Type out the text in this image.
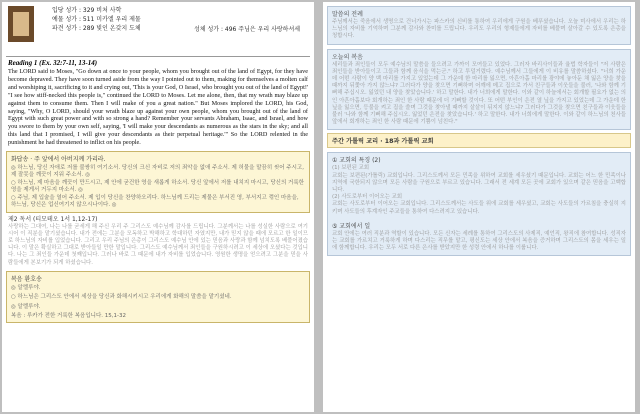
입당 성가 : 329 비처 사학
예물 성가 : 511 미카엘 우리 제물
파견 성가 : 289 빛인 온갖지 도체	성체 성가 : 496 주님은 우리 사랑하셔세
Reading 1 (Ex. 32:7-11, 13-14)

The LORD said to Moses, "Go down at once to your people, whom you brought out of the land of Egypt, for they have become depraved. They have soon turned aside from the way I pointed out to them, making for themselves a molten calf and worshiping it, sacrificing to it and crying out, 'This is your God, O Israel, who brought you out of the land of Egypt!' "I see how stiff-necked this people is," continued the LORD to Moses. Let me alone, then, that my wrath may blaze up against them to consume them. Then I will make of you a great nation." But Moses implored the LORD, his God, saying, "Why, O LORD, should your wrath blaze up against your own people, whom you brought out of the land of Egypt with such great power and with so strong a hand? Remember your servants Abraham, Isaac, and Israel, and how you swore to them by your own self, saying, 'I will make your descendants as numerous as the stars in the sky; and all this land that I promised, I will give your descendants as their perpetual heritage.'" So the LORD relented in the punishment he had threatened to inflict on his people.

화답송 · 주 앞에서 아버지께 가리라.
◎ 하느님, 당신 자애로 저를 불쌍히 여기소서. 당신의 크신 자비로 저의 죄악을 없애 주소서. 제 허물을 말끔히 씻어 주시고, 제 잘못을 깨끗이 지워 주소서. ◎
○ 하느님, 제 마음을 깨끗이 만드시고, 제 안에 굳건한 영을 새롭게 하소서. 당신 앞에서 저를 내치지 마시고, 당신의 거룩한 영을 제게서 거두지 마소서. ◎
○ 주님, 제 입술을 열어 주소서. 제 입이 당신을 찬양하오리다. 하느님께 드리는 제물은 부서진 영, 부서지고 꺾인 마음을, 하느님, 당신은 업신여기지 않으시나이다. ◎
제2 독서 (티모테오 1서 1,12-17)
사랑하는 그대여, 나는 나를 굳세게 해 주신 우리 주 그리스도 예수님께 감사를 드립니다. 그분께서는 나를 성실한 사람으로 여기시어 이 직분을 맡기셨습니다. 내가 전에는 그분을 모독하고 박해하고 학대하던 자였지만, 내가 믿지 않을 때에 모르고 한 일이므로 하느님의 자비를 입었습니다. 그리고 우리 주님의 은총이 그리스도 예수님 안에 있는 믿음과 사랑과 함께 넘치도록 베풀어졌습니다. 이 말은 확실하고 그대로 받아들일 만한 말입니다. 그리스도 예수님께서 죄인들을 구원하시려고 이 세상에 오셨다는 것입니다. 나는 그 죄인들 가운데 첫째입니다. 그러나 바로 그 때문에 내가 자비를 입었습니다. 영원한 생명을 얻으려고 그분을 믿을 사람들에게 본보기가 되게 하셨습니다.
복음 환호송
◎ 알렐루야.
○ 하느님은 그리스도 안에서 세상을 당신과 화해시키시고 우리에게 화해의 말씀을 맡기셨네.
◎ 알렐루야.
복음 : 루카가 전한 거룩한 복음입니다. 15,1-32
말씀의 전례
주님께서는 죽음에서 생명으로 건너가시는 파스카의 신비를 통하여 우리에게 구원을 베푸셨습니다. 오늘 미사에서 우리는 하느님의 자비를 기억하며 그분께 감사와 찬미를 드립니다. 우리도 우리의 형제들에게 자비를 베풀며 살아갈 수 있도록 은총을 청합시다.
오늘의 복음
세리들과 죄인들이 모두 예수님의 말씀을 들으려고 가까이 모여들고 있었다. 그러자 바리사이들과 율법 학자들이 "저 사람은 죄인들을 받아들이고 그들과 함께 음식을 먹는군." 하고 투덜거렸다. 예수님께서 그들에게 이 비유를 말씀하셨다. "너희 가운데 어떤 사람이 양 백 마리를 가지고 있었는데 그 가운데 한 마리를 잃으면, 아흔아홉 마리를 광야에 놓아둔 채 잃은 양을 찾을 때까지 뒤쫓아 가지 않느냐? 그러다가 양을 찾으면 기뻐하며 어깨에 메고 집으로 가서 친구들과 이웃들을 불러, '나와 함께 기뻐해 주십시오. 잃었던 내 양을 찾았습니다.' 하고 말한다. 내가 너희에게 말한다. 이와 같이 하늘에서는 회개할 필요가 없는 의인 아흔아홉보다 회개하는 죄인 한 사람 때문에 더 기뻐할 것이다. 또 어떤 부인이 은전 열 닢을 가지고 있었는데 그 가운데 한 닢을 잃으면, 등불을 켜고 집을 쓸며 그것을 찾아낼 때까지 샅샅이 뒤지지 않느냐? 그러다가 그것을 찾으면 친구들과 이웃들을 불러 '나와 함께 기뻐해 주십시오. 잃었던 은전을 찾았습니다.' 하고 말한다. 내가 너희에게 말한다. 이와 같이 하느님의 천사들 앞에서 회개하는 죄인 한 사람 때문에 기쁨이 넘친다."
주간 가톨릭 교리 · 18과 가톨릭 교회
① 교회의 특징 (2)
(1) 보편된 교회
교회는 보편된(가톨릭) 교회입니다. 그리스도께서 모든 민족을 위하여 교회를 세우셨기 때문입니다. 교회는 어느 한 민족이나 지역에 국한되지 않으며 모든 사람을 구원으로 부르고 있습니다. 그래서 전 세계 모든 곳에 교회가 있으며 같은 믿음을 고백합니다.
(2) 사도로부터 이어오는 교회
교회는 사도로부터 이어오는 교회입니다. 그리스도께서는 사도들 위에 교회를 세우셨고, 교회는 사도들의 가르침을 충실히 지키며 사도들의 후계자인 주교들을 통하여 다스려지고 있습니다.
⑤ 교회에서 일
교회 안에는 여러 직분과 역할이 있습니다. 모든 신자는 세례를 통하여 그리스도의 사제직, 예언직, 왕직에 참여합니다. 성직자는 교회를 가르치고 거룩하게 하며 다스리는 직무를 맡고, 평신도는 세상 안에서 복음을 증거하며 그리스도의 몸을 세우는 일에 함께합니다. 우리는 모두 서로 다른 은사를 받았지만 한 성령 안에서 하나를 이룹니다.
